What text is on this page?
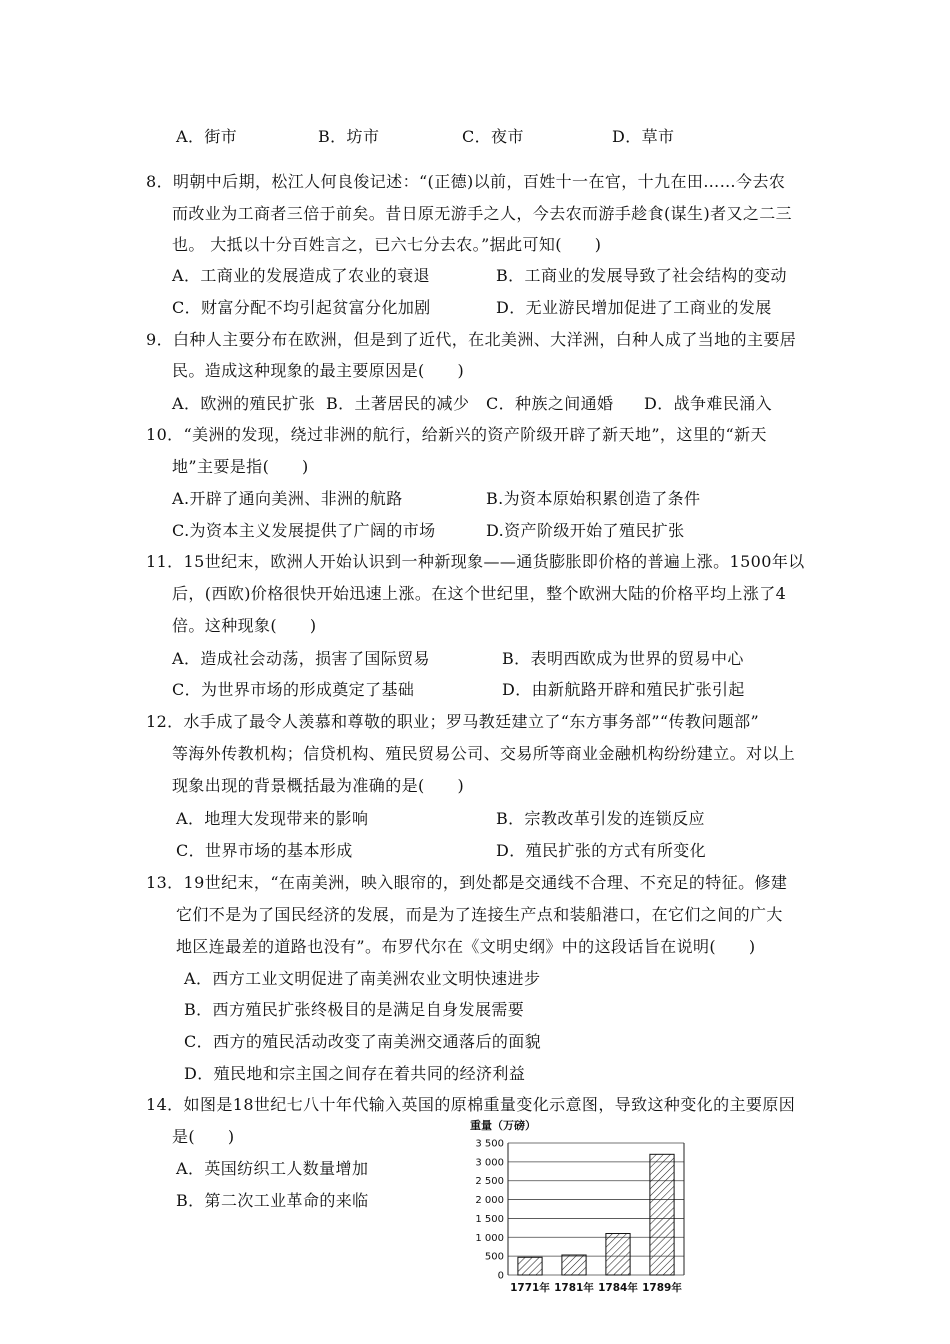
A．街市	B．坊市	C．夜市	D．草市
8．明朝中后期，松江人何良俊记述：“(正德)以前，百姓十一在官，十九在田……今去农
而改业为工商者三倍于前矣。昔日原无游手之人，今去农而游手趁食(谋生)者又之二三
也。 大抵以十分百姓言之，已六七分去农。”据此可知(　　)
A．工商业的发展造成了农业的衰退	B．工商业的发展导致了社会结构的变动
C．财富分配不均引起贫富分化加剧	D．无业游民增加促进了工商业的发展
9．白种人主要分布在欧洲，但是到了近代，在北美洲、大洋洲，白种人成了当地的主要居
民。造成这种现象的最主要原因是(　　)
A．欧洲的殖民扩张 B．土著居民的减少 C．种族之间通婚 D．战争难民涌入
10．“美洲的发现，绕过非洲的航行，给新兴的资产阶级开辟了新天地”，这里的“新天
地”主要是指(　　)
A.开辟了通向美洲、非洲的航路	B.为资本原始积累创造了条件
C.为资本主义发展提供了广阔的市场	D.资产阶级开始了殖民扩张
11．15世纪末，欧洲人开始认识到一种新现象——通货膨胀即价格的普遍上涨。1500年以
后，(西欧)价格很快开始迅速上涨。在这个世纪里，整个欧洲大陆的价格平均上涨了4
倍。这种现象(　　)
A．造成社会动荡，损害了国际贸易	B．表明西欧成为世界的贸易中心
C．为世界市场的形成奠定了基础	D．由新航路开辟和殖民扩张引起
12．水手成了最令人羡慕和尊敬的职业；罗马教廷建立了“东方事务部”“传教问题部”
等海外传教机构；信贷机构、殖民贸易公司、交易所等商业金融机构纷纷建立。对以上
现象出现的背景概括最为准确的是(　　)
A．地理大发现带来的影响	B．宗教改革引发的连锁反应
C．世界市场的基本形成	D．殖民扩张的方式有所变化
13．19世纪末，“在南美洲，映入眼帘的，到处都是交通线不合理、不充足的特征。修建
它们不是为了国民经济的发展，而是为了连接生产点和装船港口，在它们之间的广大
地区连最差的道路也没有”。布罗代尔在《文明史纲》中的这段话旨在说明(　　)
A．西方工业文明促进了南美洲农业文明快速进步
B．西方殖民扩张终极目的是满足自身发展需要
C．西方的殖民活动改变了南美洲交通落后的面貌
D．殖民地和宗主国之间存在着共同的经济利益
14．如图是18世纪七八十年代输入英国的原棉重量变化示意图，导致这种变化的主要原因
是(　　)
A．英国纺织工人数量增加
B．第二次工业革命的来临
重量（万磅）
0
500
1 000
1 500
2 000
2 500
3 000
3 500
1771年 1781年 1784年 1789年
